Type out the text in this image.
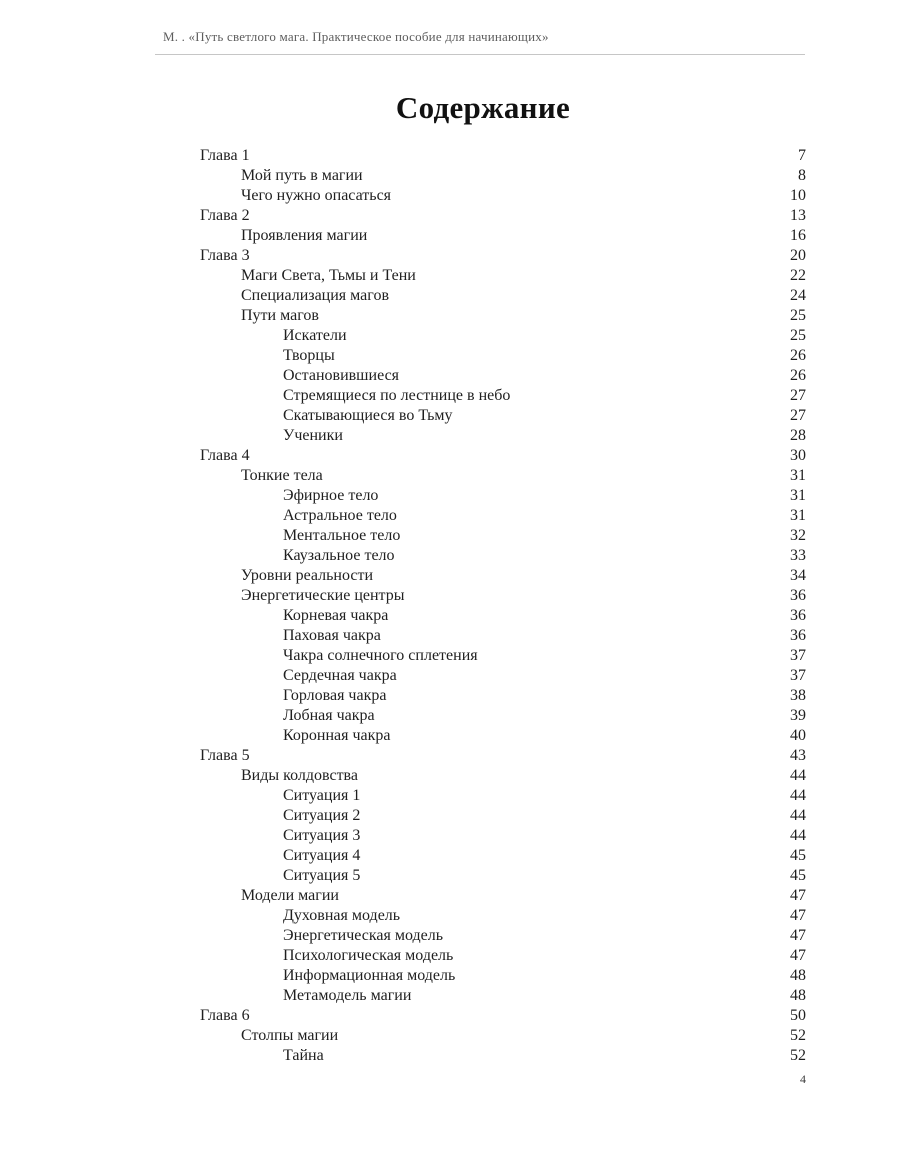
М. . «Путь светлого мага. Практическое пособие для начинающих»
Содержание
Глава 1	7
Мой путь в магии	8
Чего нужно опасаться	10
Глава 2	13
Проявления магии	16
Глава 3	20
Маги Света, Тьмы и Тени	22
Специализация магов	24
Пути магов	25
Искатели	25
Творцы	26
Остановившиеся	26
Стремящиеся по лестнице в небо	27
Скатывающиеся во Тьму	27
Ученики	28
Глава 4	30
Тонкие тела	31
Эфирное тело	31
Астральное тело	31
Ментальное тело	32
Каузальное тело	33
Уровни реальности	34
Энергетические центры	36
Корневая чакра	36
Паховая чакра	36
Чакра солнечного сплетения	37
Сердечная чакра	37
Горловая чакра	38
Лобная чакра	39
Коронная чакра	40
Глава 5	43
Виды колдовства	44
Ситуация 1	44
Ситуация 2	44
Ситуация 3	44
Ситуация 4	45
Ситуация 5	45
Модели магии	47
Духовная модель	47
Энергетическая модель	47
Психологическая модель	47
Информационная модель	48
Метамодель магии	48
Глава 6	50
Столпы магии	52
Тайна	52
4
